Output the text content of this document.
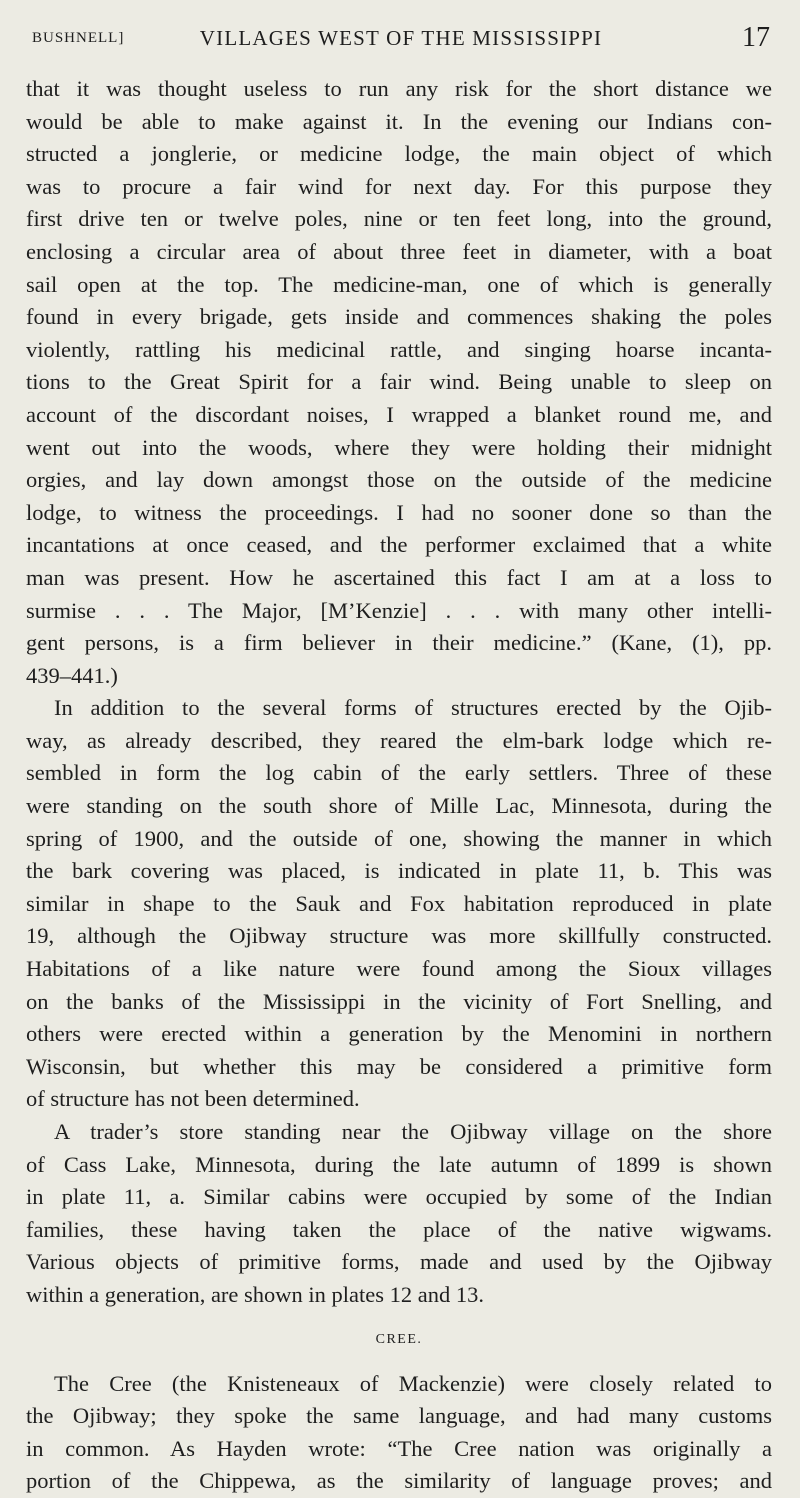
BUSHNELL]	VILLAGES WEST OF THE MISSISSIPPI	17
that it was thought useless to run any risk for the short distance we
would be able to make against it. In the evening our Indians con-
structed a jonglerie, or medicine lodge, the main object of which
was to procure a fair wind for next day. For this purpose they
first drive ten or twelve poles, nine or ten feet long, into the ground,
enclosing a circular area of about three feet in diameter, with a boat
sail open at the top. The medicine-man, one of which is generally
found in every brigade, gets inside and commences shaking the poles
violently, rattling his medicinal rattle, and singing hoarse incanta-
tions to the Great Spirit for a fair wind. Being unable to sleep on
account of the discordant noises, I wrapped a blanket round me, and
went out into the woods, where they were holding their midnight
orgies, and lay down amongst those on the outside of the medicine
lodge, to witness the proceedings. I had no sooner done so than the
incantations at once ceased, and the performer exclaimed that a white
man was present. How he ascertained this fact I am at a loss to
surmise . . . The Major, [M’Kenzie] . . . with many other intelli-
gent persons, is a firm believer in their medicine.” (Kane, (1), pp.
439–441.)
In addition to the several forms of structures erected by the Ojib-
way, as already described, they reared the elm-bark lodge which re-
sembled in form the log cabin of the early settlers. Three of these
were standing on the south shore of Mille Lac, Minnesota, during the
spring of 1900, and the outside of one, showing the manner in which
the bark covering was placed, is indicated in plate 11, b. This was
similar in shape to the Sauk and Fox habitation reproduced in plate
19, although the Ojibway structure was more skillfully constructed.
Habitations of a like nature were found among the Sioux villages
on the banks of the Mississippi in the vicinity of Fort Snelling, and
others were erected within a generation by the Menomini in northern
Wisconsin, but whether this may be considered a primitive form
of structure has not been determined.
A trader’s store standing near the Ojibway village on the shore
of Cass Lake, Minnesota, during the late autumn of 1899 is shown
in plate 11, a. Similar cabins were occupied by some of the Indian
families, these having taken the place of the native wigwams.
Various objects of primitive forms, made and used by the Ojibway
within a generation, are shown in plates 12 and 13.
CREE.
The Cree (the Knisteneaux of Mackenzie) were closely related to
the Ojibway; they spoke the same language, and had many customs
in common. As Hayden wrote: “The Cree nation was originally a
portion of the Chippewa, as the similarity of language proves; and
